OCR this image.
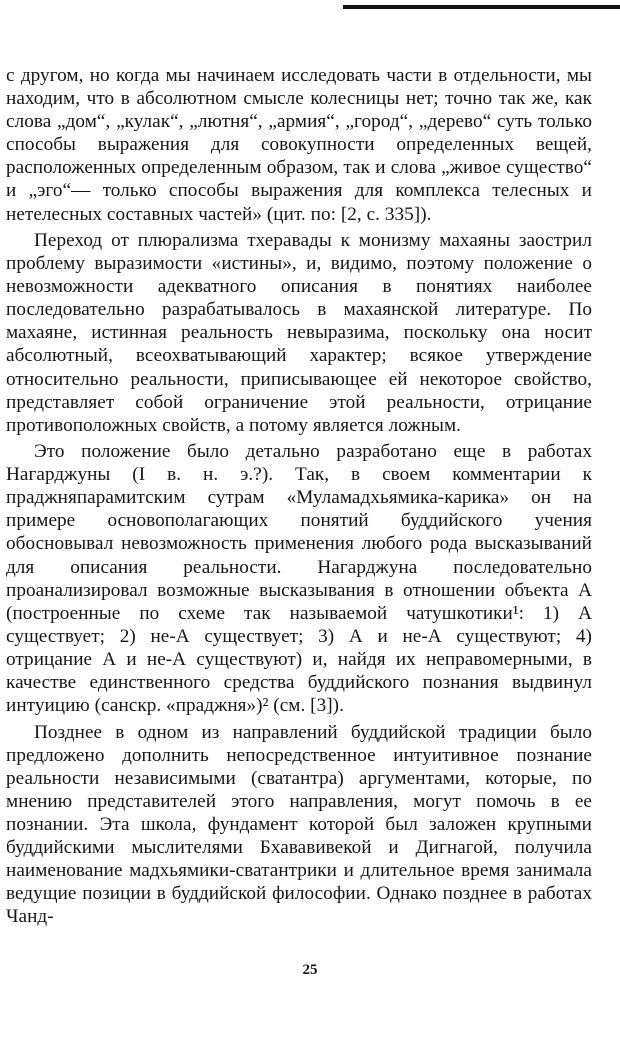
с другом, но когда мы начинаем исследовать части в отдельности, мы находим, что в абсолютном смысле колесницы нет; точно так же, как слова „дом“, „кулак“, „лютня“, „армия“, „город“, „дерево“ суть только способы выражения для совокупности определенных вещей, расположенных определенным образом, так и слова „живое существо“ и „эго“— только способы выражения для комплекса телесных и нетелесных составных частей» (цит. по: [2, с. 335]).

Переход от плюрализма тхеравады к монизму махаяны заострил проблему выразимости «истины», и, видимо, поэтому положение о невозможности адекватного описания в понятиях наиболее последовательно разрабатывалось в махаянской литературе. По махаяне, истинная реальность невыразима, поскольку она носит абсолютный, всеохватывающий характер; всякое утверждение относительно реальности, приписывающее ей некоторое свойство, представляет собой ограничение этой реальности, отрицание противоположных свойств, а потому является ложным.

Это положение было детально разработано еще в работах Нагарджуны (I в. н. э.?). Так, в своем комментарии к праджняпарамитским сутрам «Муламадхьямика-карика» он на примере основополагающих понятий буддийского учения обосновывал невозможность применения любого рода высказываний для описания реальности. Нагарджуна последовательно проанализировал возможные высказывания в отношении объекта А (построенные по схеме так называемой чатушкотики¹: 1) А существует; 2) не-А существует; 3) А и не-А существуют; 4) отрицание А и не-А существуют) и, найдя их неправомерными, в качестве единственного средства буддийского познания выдвинул интуицию (санскр. «праджня»)² (см. [3]).

Позднее в одном из направлений буддийской традиции было предложено дополнить непосредственное интуитивное познание реальности независимыми (сватантра) аргументами, которые, по мнению представителей этого направления, могут помочь в ее познании. Эта школа, фундамент которой был заложен крупными буддийскими мыслителями Бхававивекой и Дигнагой, получила наименование мадхьямики-сватантрики и длительное время занимала ведущие позиции в буддийской философии. Однако позднее в работах Чанд-

25
